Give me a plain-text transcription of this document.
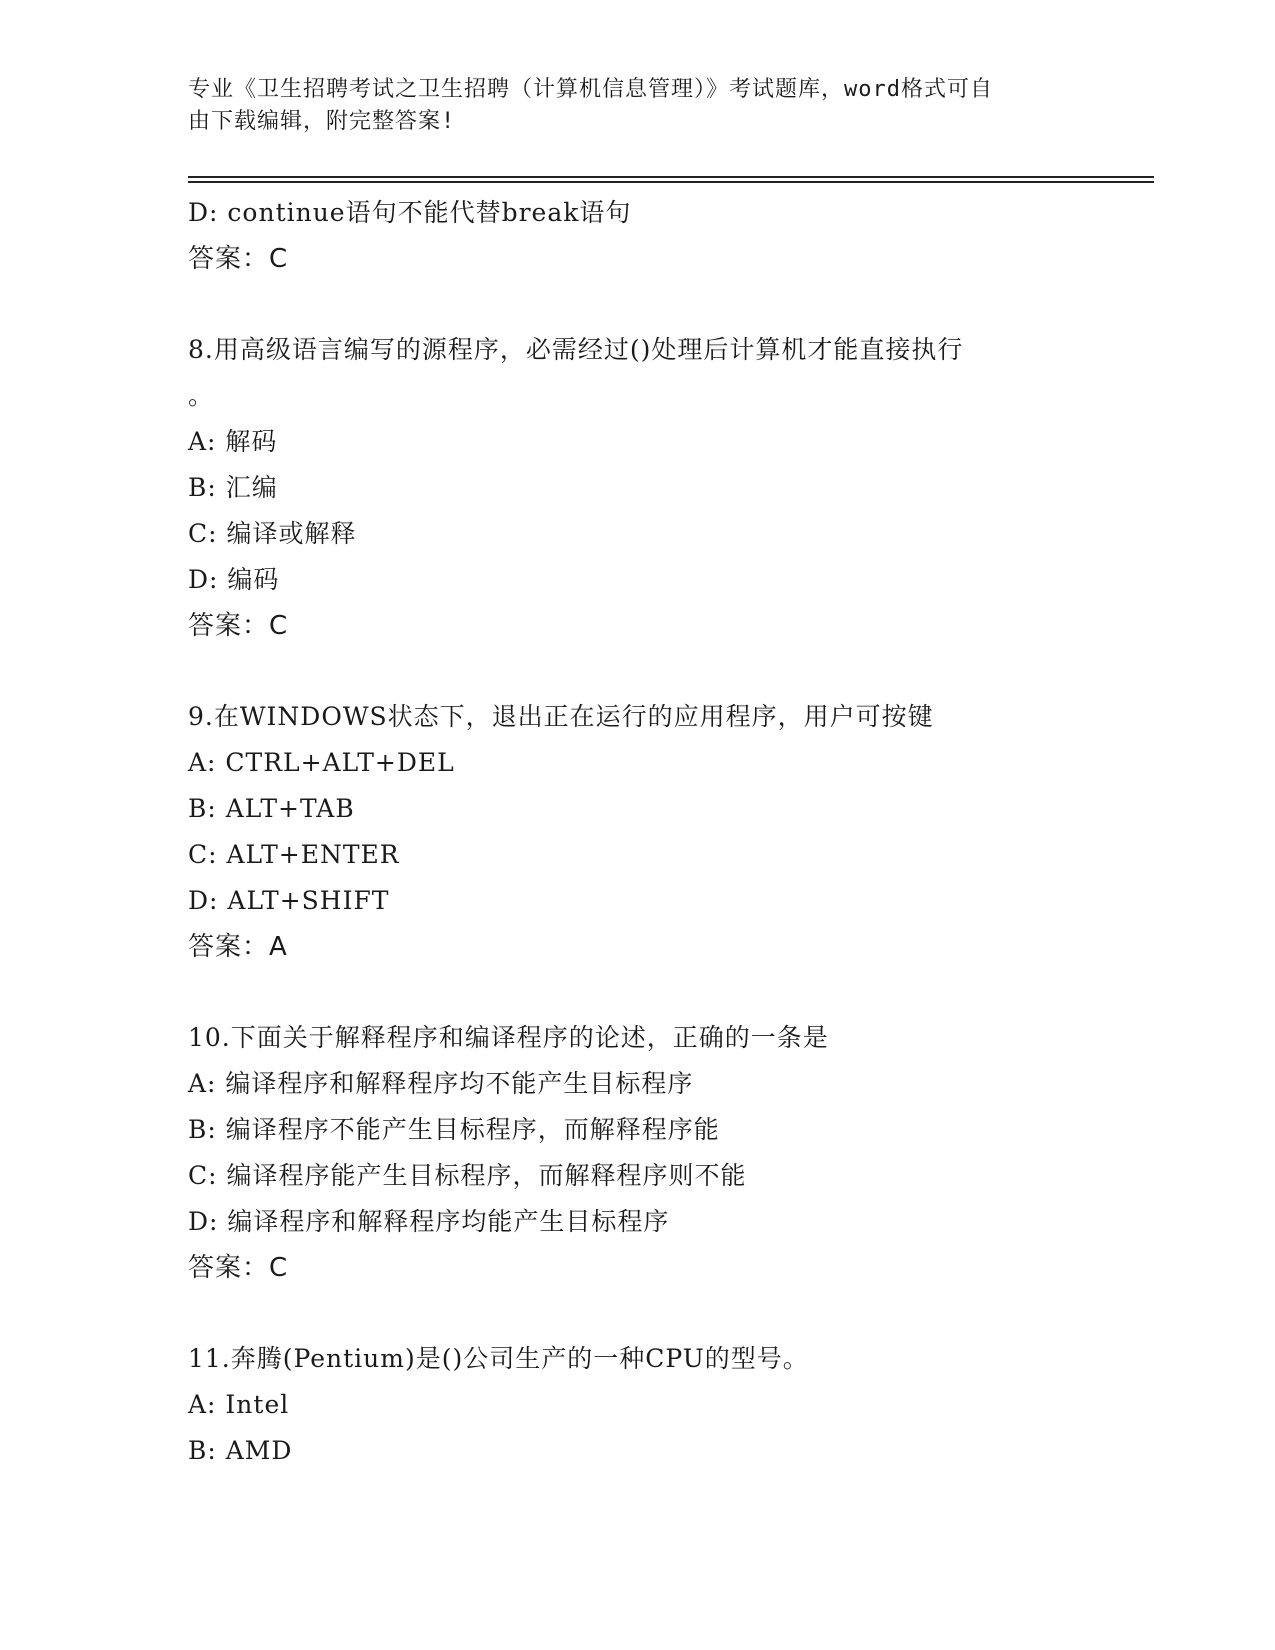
专业《卫生招聘考试之卫生招聘（计算机信息管理）》考试题库，word格式可自
由下载编辑，附完整答案!
D: continue语句不能代替break语句
答案：C
8.用高级语言编写的源程序，必需经过()处理后计算机才能直接执行
。
A: 解码
B: 汇编
C: 编译或解释
D: 编码
答案：C
9.在WINDOWS状态下，退出正在运行的应用程序，用户可按键
A: CTRL+ALT+DEL
B: ALT+TAB
C: ALT+ENTER
D: ALT+SHIFT
答案：A
10.下面关于解释程序和编译程序的论述，正确的一条是
A: 编译程序和解释程序均不能产生目标程序
B: 编译程序不能产生目标程序，而解释程序能
C: 编译程序能产生目标程序，而解释程序则不能
D: 编译程序和解释程序均能产生目标程序
答案：C
11.奔腾(Pentium)是()公司生产的一种CPU的型号。
A: Intel
B: AMD
